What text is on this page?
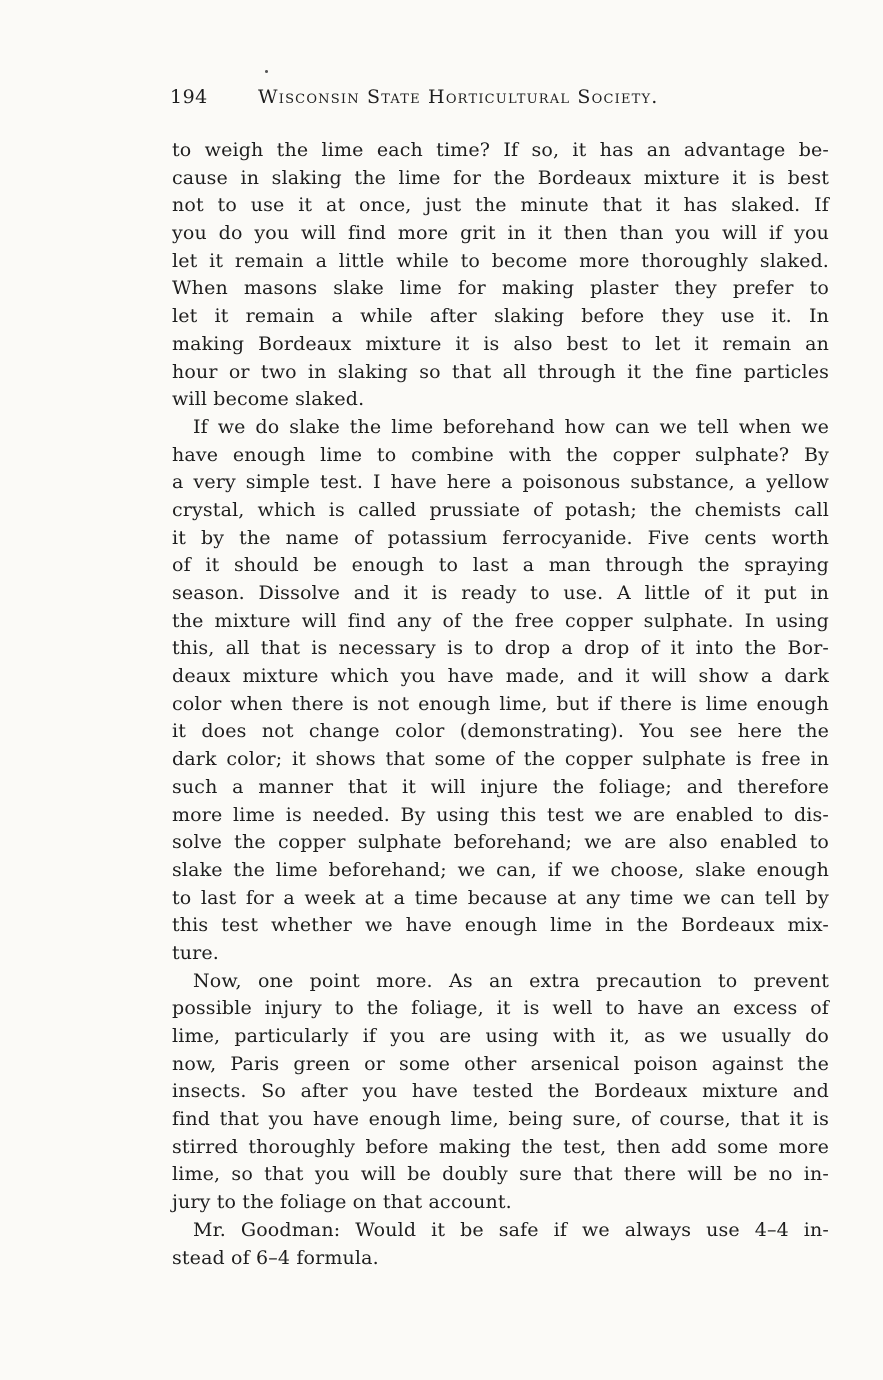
194	Wisconsin State Horticultural Society.
to weigh the lime each time? If so, it has an advantage be-
cause in slaking the lime for the Bordeaux mixture it is best
not to use it at once, just the minute that it has slaked. If
you do you will find more grit in it then than you will if you
let it remain a little while to become more thoroughly slaked.
When masons slake lime for making plaster they prefer to
let it remain a while after slaking before they use it. In
making Bordeaux mixture it is also best to let it remain an
hour or two in slaking so that all through it the fine particles
will become slaked.
If we do slake the lime beforehand how can we tell when we
have enough lime to combine with the copper sulphate? By
a very simple test. I have here a poisonous substance, a yellow
crystal, which is called prussiate of potash; the chemists call
it by the name of potassium ferrocyanide. Five cents worth
of it should be enough to last a man through the spraying
season. Dissolve and it is ready to use. A little of it put in
the mixture will find any of the free copper sulphate. In using
this, all that is necessary is to drop a drop of it into the Bor-
deaux mixture which you have made, and it will show a dark
color when there is not enough lime, but if there is lime enough
it does not change color (demonstrating). You see here the
dark color; it shows that some of the copper sulphate is free in
such a manner that it will injure the foliage; and therefore
more lime is needed. By using this test we are enabled to dis-
solve the copper sulphate beforehand; we are also enabled to
slake the lime beforehand; we can, if we choose, slake enough
to last for a week at a time because at any time we can tell by
this test whether we have enough lime in the Bordeaux mix-
ture.
Now, one point more. As an extra precaution to prevent
possible injury to the foliage, it is well to have an excess of
lime, particularly if you are using with it, as we usually do
now, Paris green or some other arsenical poison against the
insects. So after you have tested the Bordeaux mixture and
find that you have enough lime, being sure, of course, that it is
stirred thoroughly before making the test, then add some more
lime, so that you will be doubly sure that there will be no in-
jury to the foliage on that account.
Mr. Goodman: Would it be safe if we always use 4–4 in-
stead of 6–4 formula.
